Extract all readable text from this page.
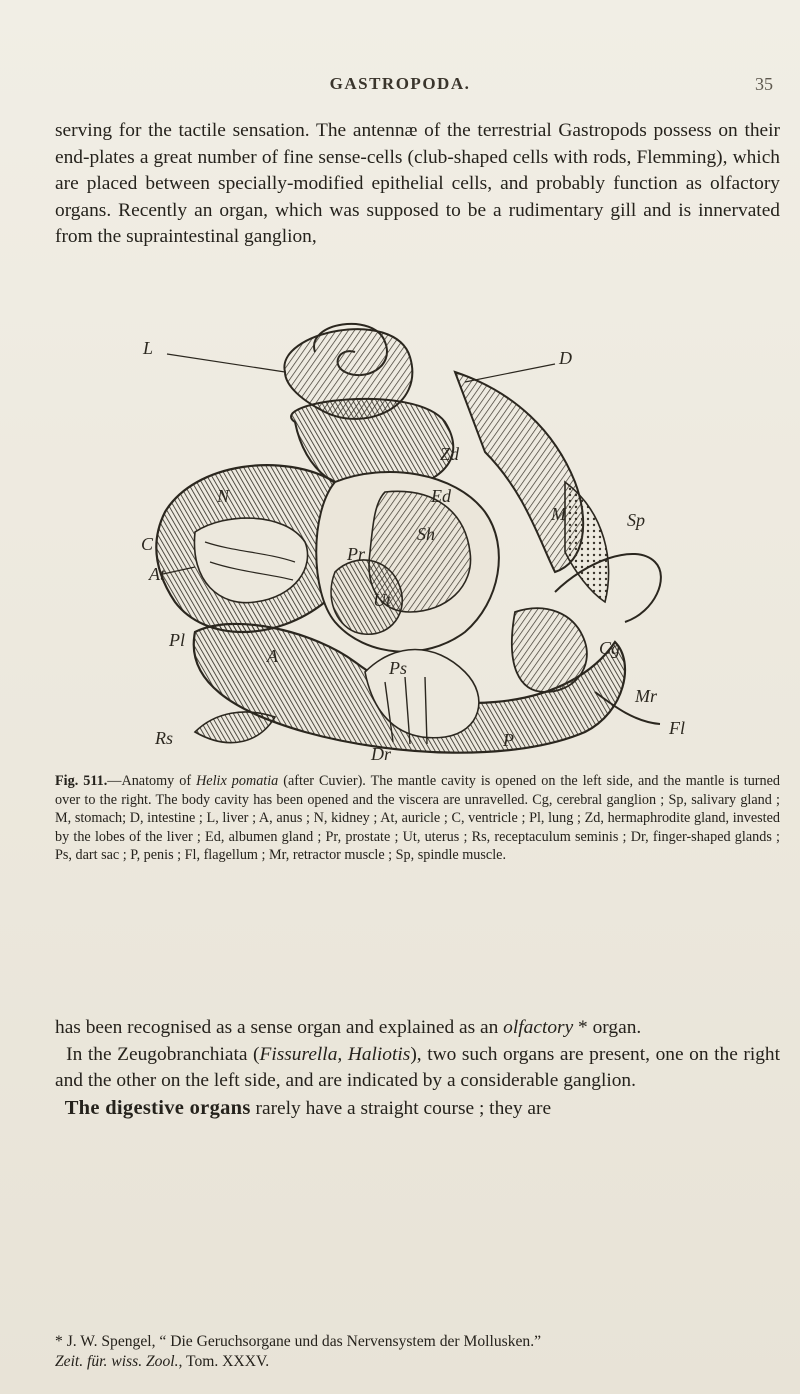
GASTROPODA.	35

serving for the tactile sensation. The antennæ of the terrestrial Gastropods possess on their end-plates a great number of fine sense-cells (club-shaped cells with rods, Flemming), which are placed between specially-modified epithelial cells, and probably function as olfactory organs. Recently an organ, which was supposed to be a rudimentary gill and is innervated from the supraintestinal ganglion,

L	D
N
C
Zd
Sp
At
M
Ed
Sh
Pr
Ut
Pl
A	Cg
Ps
Mr
Rs
Dr
P
Fl
Fig. 511.—Anatomy of Helix pomatia (after Cuvier). The mantle cavity is opened on the left side, and the mantle is turned over to the right. The body cavity has been opened and the viscera are unravelled. Cg, cerebral ganglion ; Sp, salivary gland ; M, stomach; D, intestine ; L, liver ; A, anus ; N, kidney ; At, auricle ; C, ventricle ; Pl, lung ; Zd, hermaphrodite gland, invested by the lobes of the liver ; Ed, albumen gland ; Pr, prostate ; Ut, uterus ; Rs, receptaculum seminis ; Dr, finger-shaped glands ; Ps, dart sac ; P, penis ; Fl, flagellum ; Mr, retractor muscle ; Sp, spindle muscle.

has been recognised as a sense organ and explained as an olfactory * organ.

In the Zeugobranchiata (Fissurella, Haliotis), two such organs are present, one on the right and the other on the left side, and are indicated by a considerable ganglion.

The digestive organs rarely have a straight course ; they are

* J. W. Spengel, “ Die Geruchsorgane und das Nervensystem der Mollusken.”
Zeit. für. wiss. Zool., Tom. XXXV.
